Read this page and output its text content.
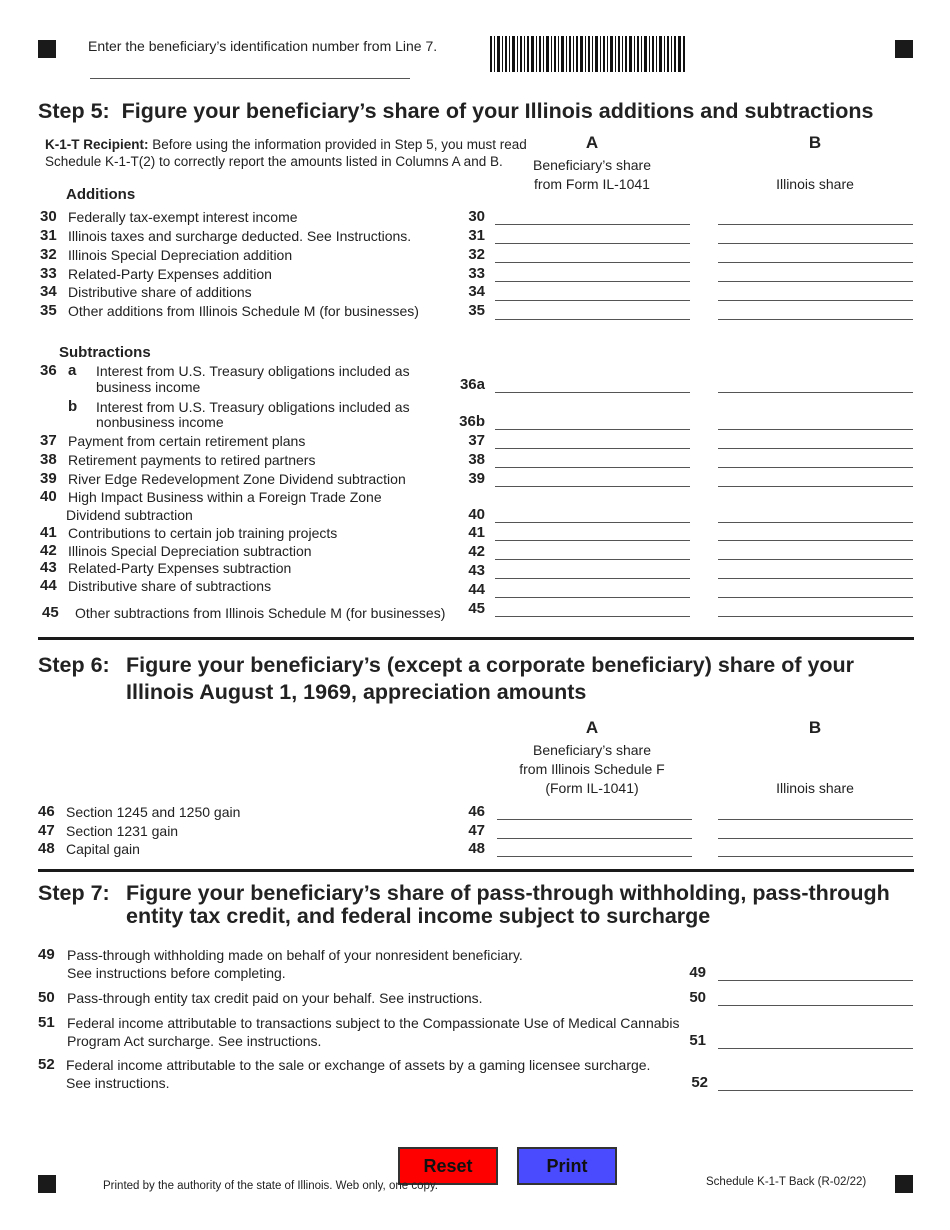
Enter the beneficiary’s identification number from Line 7.
Step 5: Figure your beneficiary’s share of your Illinois additions and subtractions
K-1-T Recipient: Before using the information provided in Step 5, you must read
Schedule K-1-T(2) to correctly report the amounts listed in Columns A and B.
A
Beneficiary’s share
from Form IL-1041
B
Illinois share
Additions
30 Federally tax-exempt interest income	30
31 Illinois taxes and surcharge deducted. See Instructions.	31
32 Illinois Special Depreciation addition	32
33 Related-Party Expenses addition	33
34 Distributive share of additions	34
35 Other additions from Illinois Schedule M (for businesses)	35
Subtractions
36 a Interest from U.S. Treasury obligations included as
business income	36a
b Interest from U.S. Treasury obligations included as
nonbusiness income	36b
37 Payment from certain retirement plans	37
38 Retirement payments to retired partners	38
39 River Edge Redevelopment Zone Dividend subtraction	39
40 High Impact Business within a Foreign Trade Zone
Dividend subtraction	40
41 Contributions to certain job training projects	41
42 Illinois Special Depreciation subtraction	42
43 Related-Party Expenses subtraction	43
44 Distributive share of subtractions	44
45 Other subtractions from Illinois Schedule M (for businesses)	45
Step 6: Figure your beneficiary’s (except a corporate beneficiary) share of your
Illinois August 1, 1969, appreciation amounts
A
Beneficiary’s share
from Illinois Schedule F
(Form IL-1041)
B
Illinois share
46 Section 1245 and 1250 gain	46
47 Section 1231 gain	47
48 Capital gain	48
Step 7: Figure your beneficiary’s share of pass-through withholding, pass-through
entity tax credit, and federal income subject to surcharge
49 Pass-through withholding made on behalf of your nonresident beneficiary.
See instructions before completing.	49
50 Pass-through entity tax credit paid on your behalf. See instructions.	50
51 Federal income attributable to transactions subject to the Compassionate Use of Medical Cannabis
Program Act surcharge. See instructions.	51
52 Federal income attributable to the sale or exchange of assets by a gaming licensee surcharge.
See instructions.	52
Reset	Print
Printed by the authority of the state of Illinois. Web only, one copy.	Schedule K-1-T Back (R-02/22)
